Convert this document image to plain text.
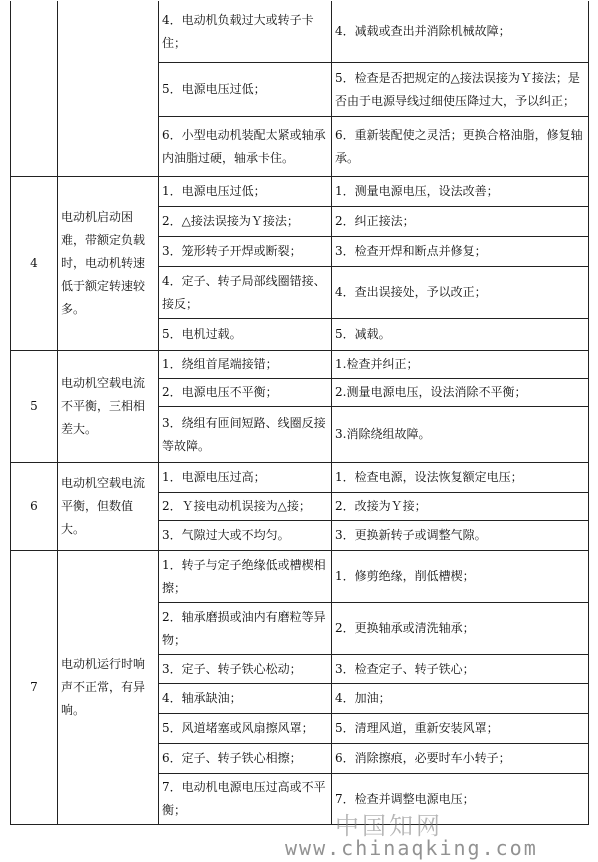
		4．电动机负载过大或转子卡住；	4．减载或查出并消除机械故障；
		5．电源电压过低；	5．检查是否把规定的△接法误接为Ｙ接法；是否由于电源导线过细使压降过大，予以纠正；
		6．小型电动机装配太紧或轴承内油脂过硬，轴承卡住。	6．重新装配使之灵活；更换合格油脂，修复轴承。
4	电动机启动困难，带额定负载时，电动机转速低于额定转速较多。	1．电源电压过低；	1．测量电源电压，设法改善；
		2．△接法误接为Ｙ接法；	2．纠正接法；
		3．笼形转子开焊或断裂；	3．检查开焊和断点并修复；
		4．定子、转子局部线圈错接、接反；	4．查出误接处，予以改正；
		5．电机过载。	5．减载。
5	电动机空载电流不平衡，三相相差大。	1．绕组首尾端接错；	1.检查并纠正；
		2．电源电压不平衡；	2.测量电源电压，设法消除不平衡；
		3．绕组有匝间短路、线圈反接等故障。	3.消除绕组故障。
6	电动机空载电流平衡，但数值大。	1．电源电压过高；	1．检查电源，设法恢复额定电压；
		2．Ｙ接电动机误接为△接；	2．改接为Ｙ接；
		3．气隙过大或不均匀。	3．更换新转子或调整气隙。
7	电动机运行时响声不正常，有异响。	1．转子与定子绝缘低或槽楔相擦；	1．修剪绝缘，削低槽楔；
		2．轴承磨损或油内有磨粒等异物；	2．更换轴承或清洗轴承；
		3．定子、转子铁心松动；	3．检查定子、转子铁心；
		4．轴承缺油；	4．加油；
		5．风道堵塞或风扇擦风罩；	5．清理风道，重新安装风罩；
		6．定子、转子铁心相擦；	6．消除擦痕，必要时车小转子；
		7．电动机电源电压过高或不平衡；	7．检查并调整电源电压；
中国知网
www.chinaqking.com
